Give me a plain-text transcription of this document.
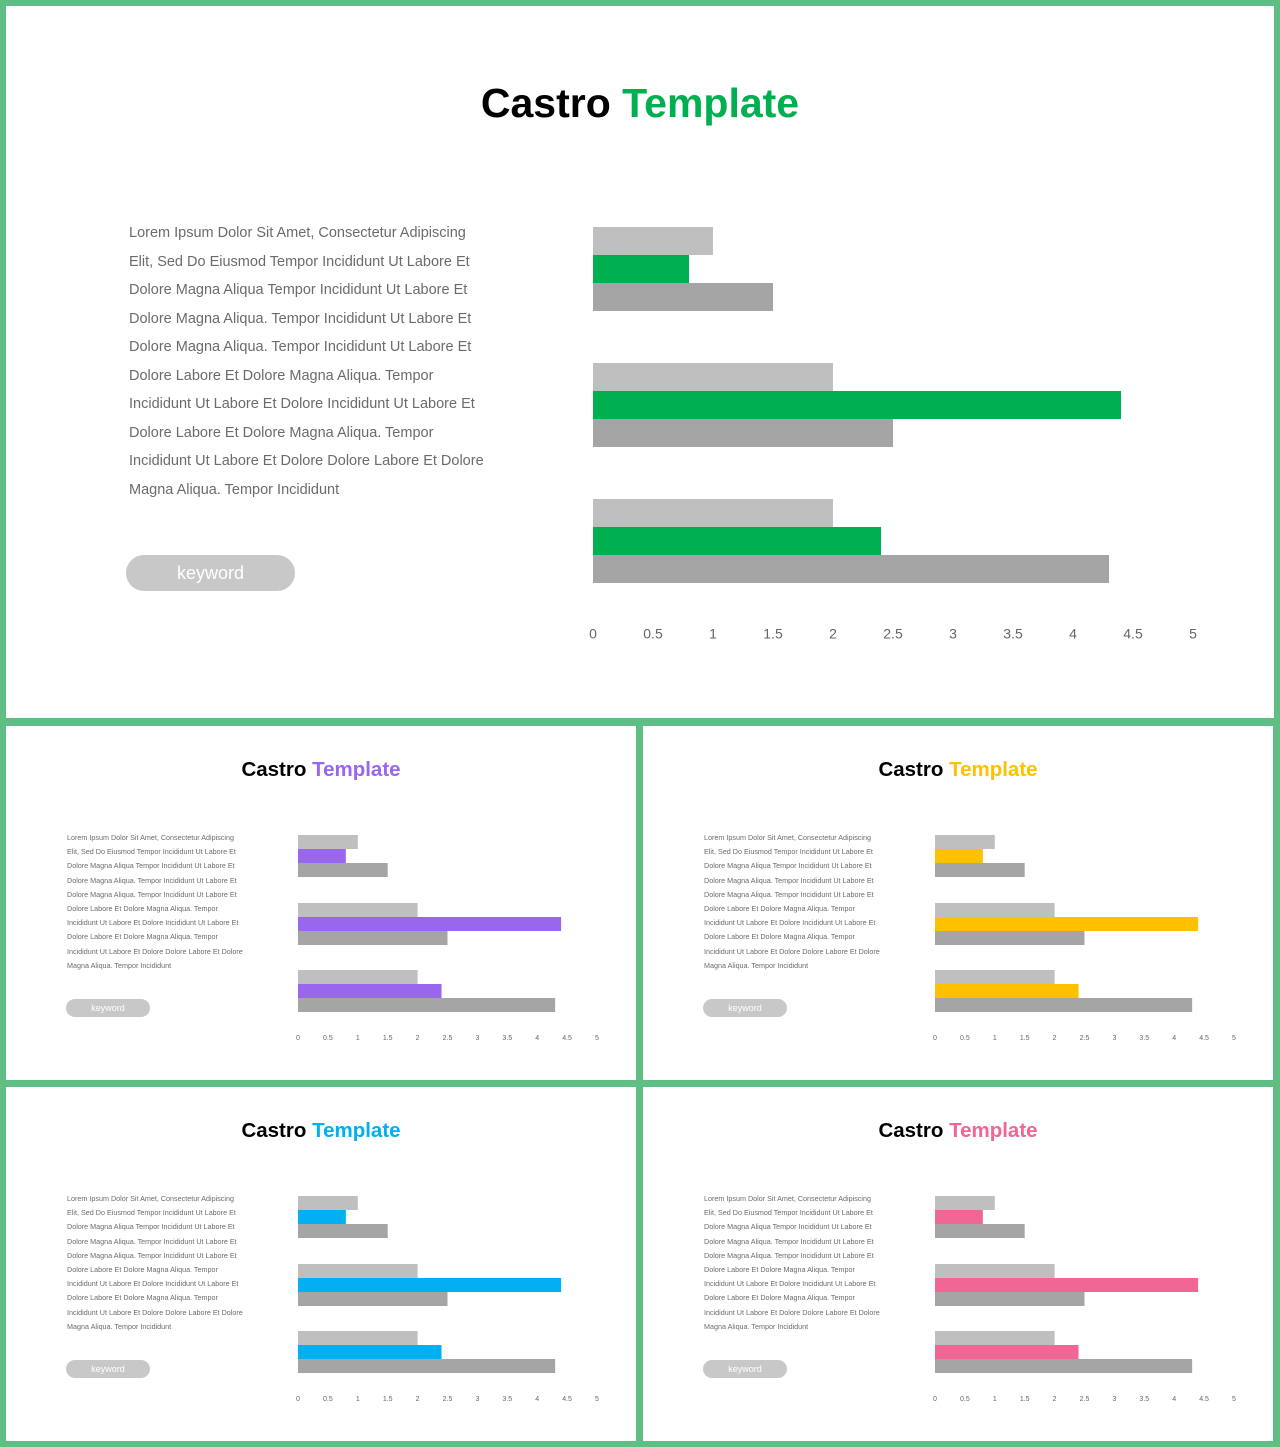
Castro Template
Lorem Ipsum Dolor Sit Amet, Consectetur Adipiscing
Elit, Sed Do Eiusmod Tempor Incididunt Ut Labore Et
Dolore Magna Aliqua Tempor Incididunt Ut Labore Et
Dolore Magna Aliqua. Tempor Incididunt Ut Labore Et
Dolore Magna Aliqua. Tempor Incididunt Ut Labore Et
Dolore Labore Et Dolore Magna Aliqua. Tempor
Incididunt Ut Labore Et Dolore Incididunt Ut Labore Et
Dolore Labore Et Dolore Magna Aliqua. Tempor
Incididunt Ut Labore Et Dolore Dolore Labore Et Dolore
Magna Aliqua. Tempor Incididunt
keyword
0	0.5	1	1.5	2	2.5	3	3.5	4	4.5	5
Castro Template
Lorem Ipsum Dolor Sit Amet, Consectetur Adipiscing
Elit, Sed Do Eiusmod Tempor Incididunt Ut Labore Et
Dolore Magna Aliqua Tempor Incididunt Ut Labore Et
Dolore Magna Aliqua. Tempor Incididunt Ut Labore Et
Dolore Magna Aliqua. Tempor Incididunt Ut Labore Et
Dolore Labore Et Dolore Magna Aliqua. Tempor
Incididunt Ut Labore Et Dolore Incididunt Ut Labore Et
Dolore Labore Et Dolore Magna Aliqua. Tempor
Incididunt Ut Labore Et Dolore Dolore Labore Et Dolore
Magna Aliqua. Tempor Incididunt
keyword
0	0.5	1	1.5	2	2.5	3	3.5	4	4.5	5
Castro Template
Lorem Ipsum Dolor Sit Amet, Consectetur Adipiscing
Elit, Sed Do Eiusmod Tempor Incididunt Ut Labore Et
Dolore Magna Aliqua Tempor Incididunt Ut Labore Et
Dolore Magna Aliqua. Tempor Incididunt Ut Labore Et
Dolore Magna Aliqua. Tempor Incididunt Ut Labore Et
Dolore Labore Et Dolore Magna Aliqua. Tempor
Incididunt Ut Labore Et Dolore Incididunt Ut Labore Et
Dolore Labore Et Dolore Magna Aliqua. Tempor
Incididunt Ut Labore Et Dolore Dolore Labore Et Dolore
Magna Aliqua. Tempor Incididunt
keyword
0	0.5	1	1.5	2	2.5	3	3.5	4	4.5	5
Castro Template
Lorem Ipsum Dolor Sit Amet, Consectetur Adipiscing
Elit, Sed Do Eiusmod Tempor Incididunt Ut Labore Et
Dolore Magna Aliqua Tempor Incididunt Ut Labore Et
Dolore Magna Aliqua. Tempor Incididunt Ut Labore Et
Dolore Magna Aliqua. Tempor Incididunt Ut Labore Et
Dolore Labore Et Dolore Magna Aliqua. Tempor
Incididunt Ut Labore Et Dolore Incididunt Ut Labore Et
Dolore Labore Et Dolore Magna Aliqua. Tempor
Incididunt Ut Labore Et Dolore Dolore Labore Et Dolore
Magna Aliqua. Tempor Incididunt
keyword
0	0.5	1	1.5	2	2.5	3	3.5	4	4.5	5
Castro Template
Lorem Ipsum Dolor Sit Amet, Consectetur Adipiscing
Elit, Sed Do Eiusmod Tempor Incididunt Ut Labore Et
Dolore Magna Aliqua Tempor Incididunt Ut Labore Et
Dolore Magna Aliqua. Tempor Incididunt Ut Labore Et
Dolore Magna Aliqua. Tempor Incididunt Ut Labore Et
Dolore Labore Et Dolore Magna Aliqua. Tempor
Incididunt Ut Labore Et Dolore Incididunt Ut Labore Et
Dolore Labore Et Dolore Magna Aliqua. Tempor
Incididunt Ut Labore Et Dolore Dolore Labore Et Dolore
Magna Aliqua. Tempor Incididunt
keyword
0	0.5	1	1.5	2	2.5	3	3.5	4	4.5	5
